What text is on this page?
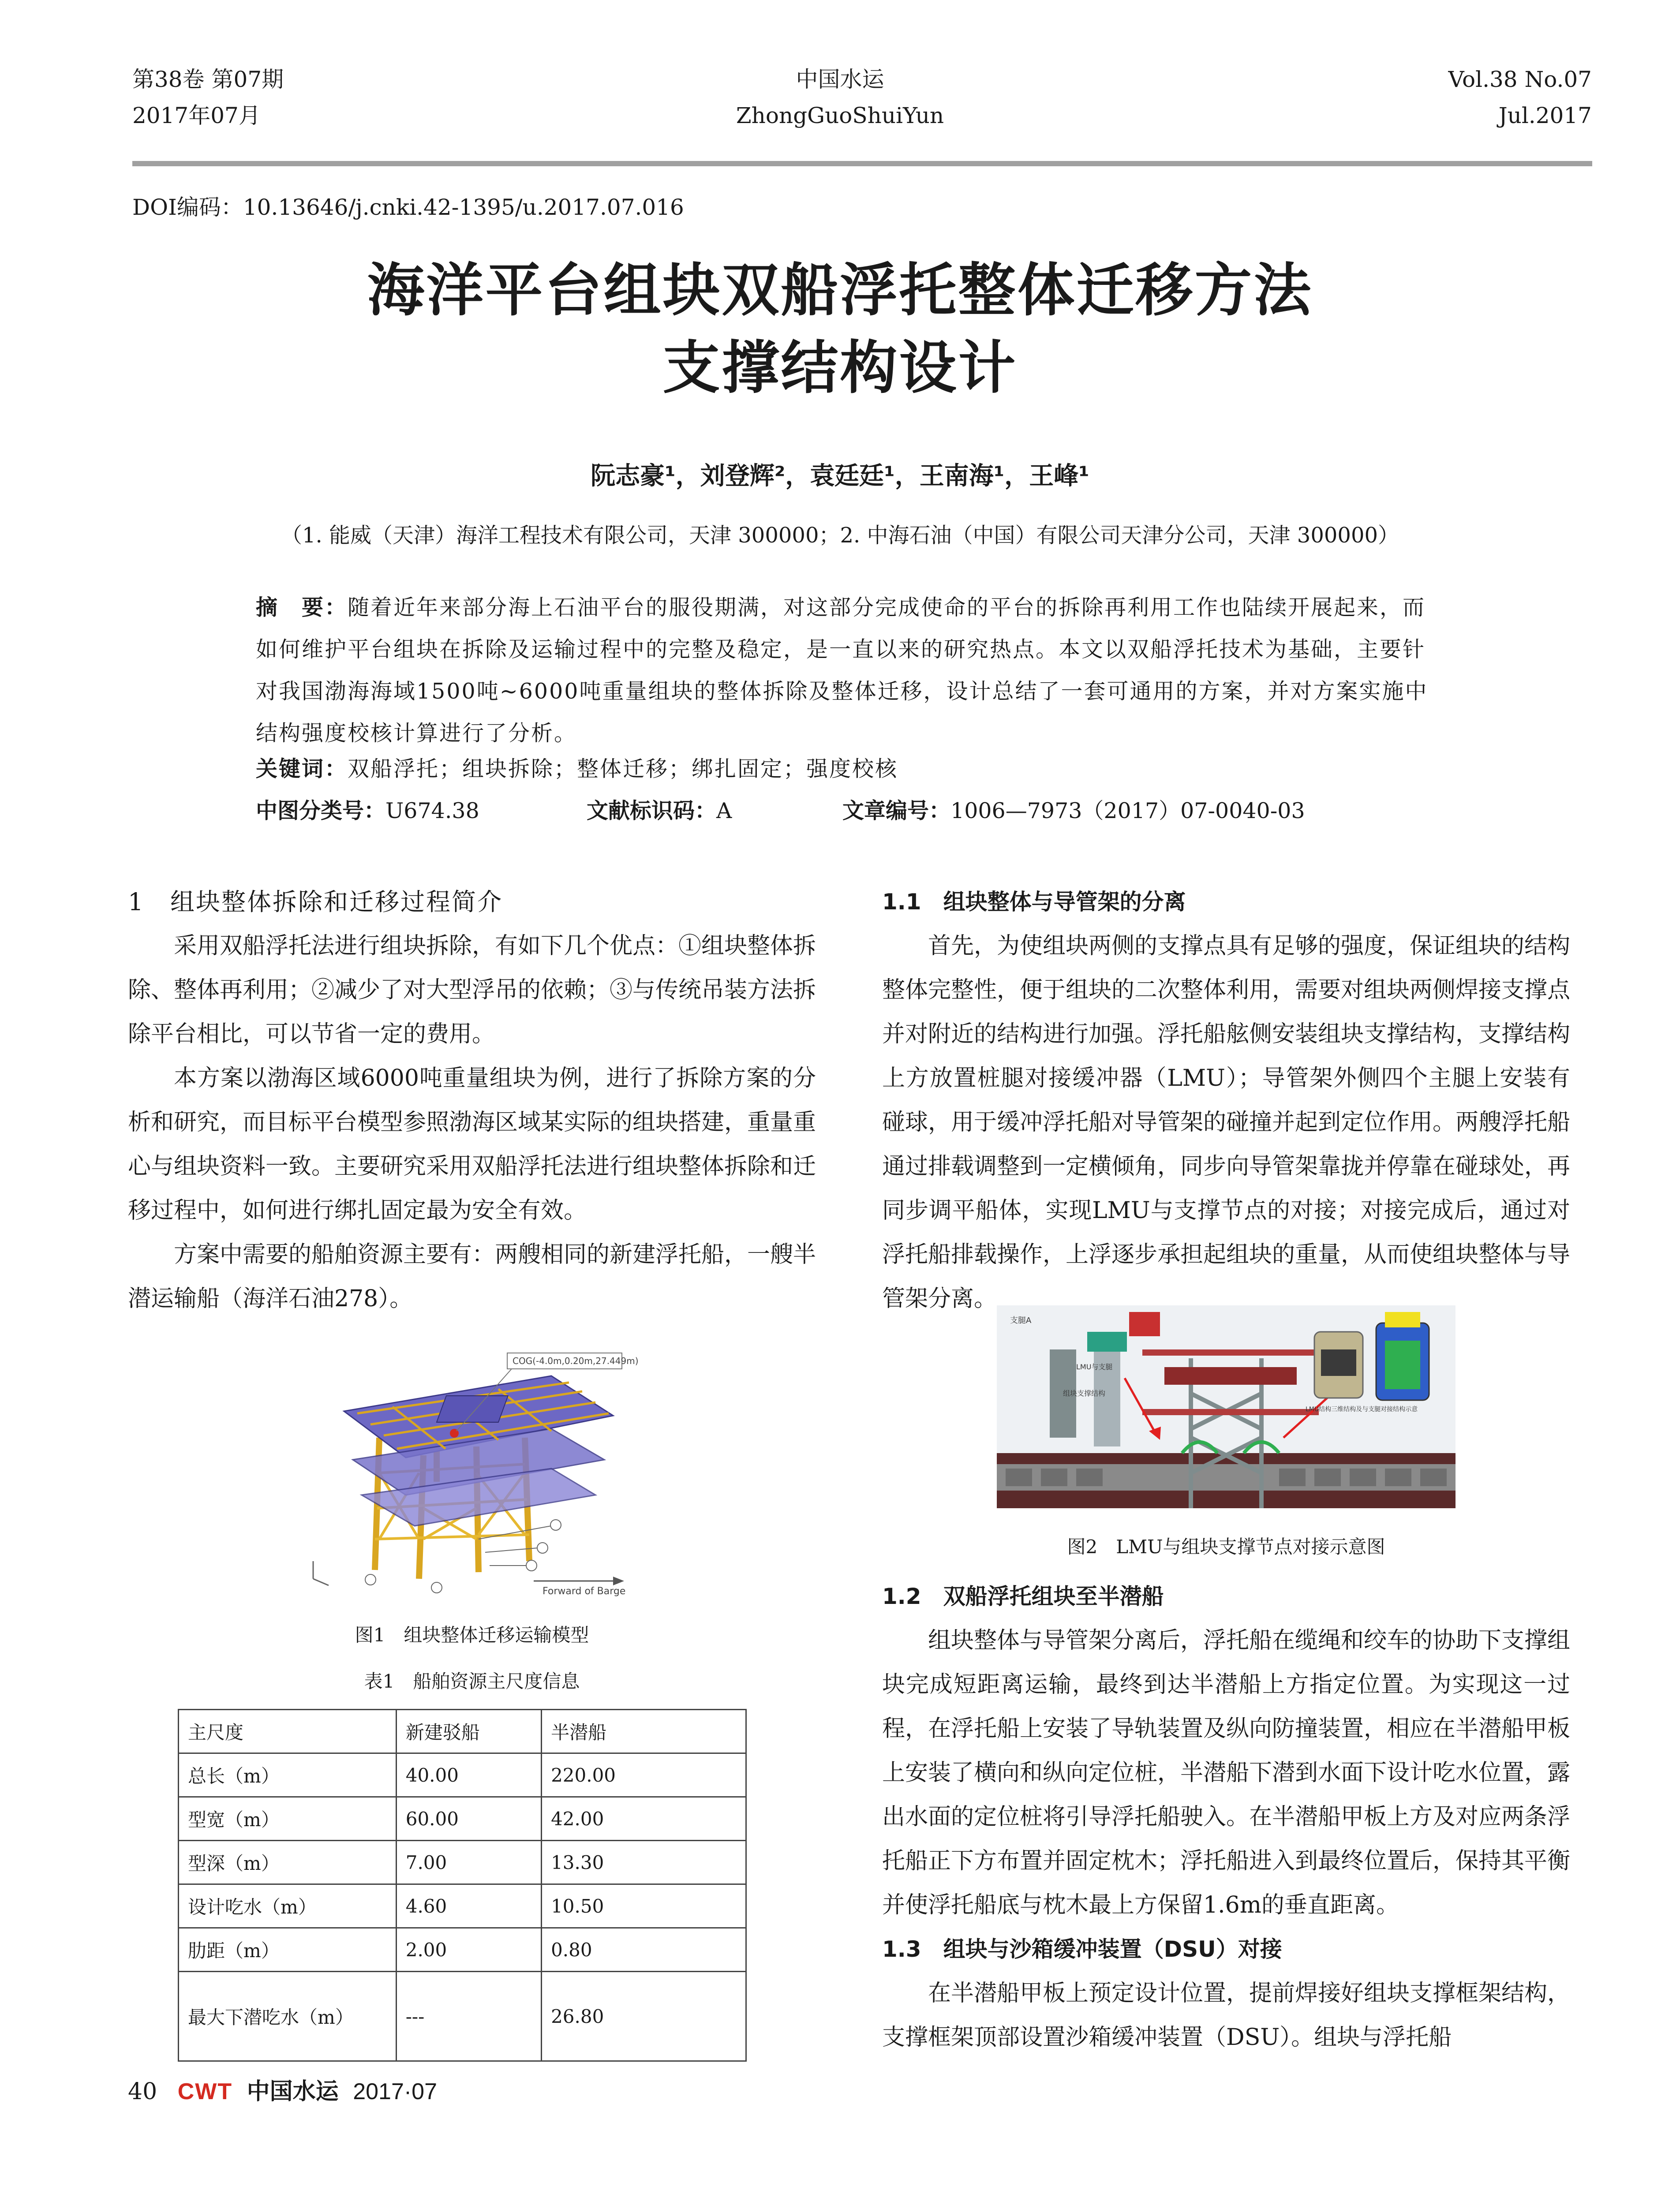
第38卷 第07期
2017年07月
中国水运
ZhongGuoShuiYun
Vol.38 No.07
Jul.2017
DOI编码：10.13646/j.cnki.42-1395/u.2017.07.016
海洋平台组块双船浮托整体迁移方法
支撑结构设计
阮志豪¹，刘登辉²，袁廷廷¹，王南海¹，王峰¹
（1. 能威（天津）海洋工程技术有限公司，天津 300000；2. 中海石油（中国）有限公司天津分公司，天津 300000）
摘　要：随着近年来部分海上石油平台的服役期满，对这部分完成使命的平台的拆除再利用工作也陆续开展起来，而如何维护平台组块在拆除及运输过程中的完整及稳定，是一直以来的研究热点。本文以双船浮托技术为基础，主要针对我国渤海海域1500吨~6000吨重量组块的整体拆除及整体迁移，设计总结了一套可通用的方案，并对方案实施中结构强度校核计算进行了分析。
关键词：双船浮托；组块拆除；整体迁移；绑扎固定；强度校核
中图分类号：U674.38	文献标识码：A	文章编号：1006—7973（2017）07-0040-03
1　组块整体拆除和迁移过程简介

采用双船浮托法进行组块拆除，有如下几个优点：①组块整体拆除、整体再利用；②减少了对大型浮吊的依赖；③与传统吊装方法拆除平台相比，可以节省一定的费用。

本方案以渤海区域6000吨重量组块为例，进行了拆除方案的分析和研究，而目标平台模型参照渤海区域某实际的组块搭建，重量重心与组块资料一致。主要研究采用双船浮托法进行组块整体拆除和迁移过程中，如何进行绑扎固定最为安全有效。

方案中需要的船舶资源主要有：两艘相同的新建浮托船，一艘半潜运输船（海洋石油278）。

COG(-4.0m,0.20m,27.449m)
Forward of Barge
图1　组块整体迁移运输模型
表1　船舶资源主尺度信息
主尺度	新建驳船	半潜船
总长（m）	40.00	220.00
型宽（m）	60.00	42.00
型深（m）	7.00	13.30
设计吃水（m）	4.60	10.50
肋距（m）	2.00	0.80
最大下潜吃水（m）	---	26.80
1.1　组块整体与导管架的分离

首先，为使组块两侧的支撑点具有足够的强度，保证组块的结构整体完整性，便于组块的二次整体利用，需要对组块两侧焊接支撑点并对附近的结构进行加强。浮托船舷侧安装组块支撑结构，支撑结构上方放置桩腿对接缓冲器（LMU）；导管架外侧四个主腿上安装有碰球，用于缓冲浮托船对导管架的碰撞并起到定位作用。两艘浮托船通过排载调整到一定横倾角，同步向导管架靠拢并停靠在碰球处，再同步调平船体，实现LMU与支撑节点的对接；对接完成后，通过对浮托船排载操作，上浮逐步承担起组块的重量，从而使组块整体与导管架分离。

支腿A
LMU与支腿
组块支撑结构
LMU结构三维结构及与支腿对接结构示意
图2　LMU与组块支撑节点对接示意图
1.2　双船浮托组块至半潜船

组块整体与导管架分离后，浮托船在缆绳和绞车的协助下支撑组块完成短距离运输，最终到达半潜船上方指定位置。为实现这一过程，在浮托船上安装了导轨装置及纵向防撞装置，相应在半潜船甲板上安装了横向和纵向定位桩，半潜船下潜到水面下设计吃水位置，露出水面的定位桩将引导浮托船驶入。在半潜船甲板上方及对应两条浮托船正下方布置并固定枕木；浮托船进入到最终位置后，保持其平衡并使浮托船底与枕木最上方保留1.6m的垂直距离。

1.3　组块与沙箱缓冲装置（DSU）对接

在半潜船甲板上预定设计位置，提前焊接好组块支撑框架结构，支撑框架顶部设置沙箱缓冲装置（DSU）。组块与浮托船

40 CWT 中国水运 2017·07
